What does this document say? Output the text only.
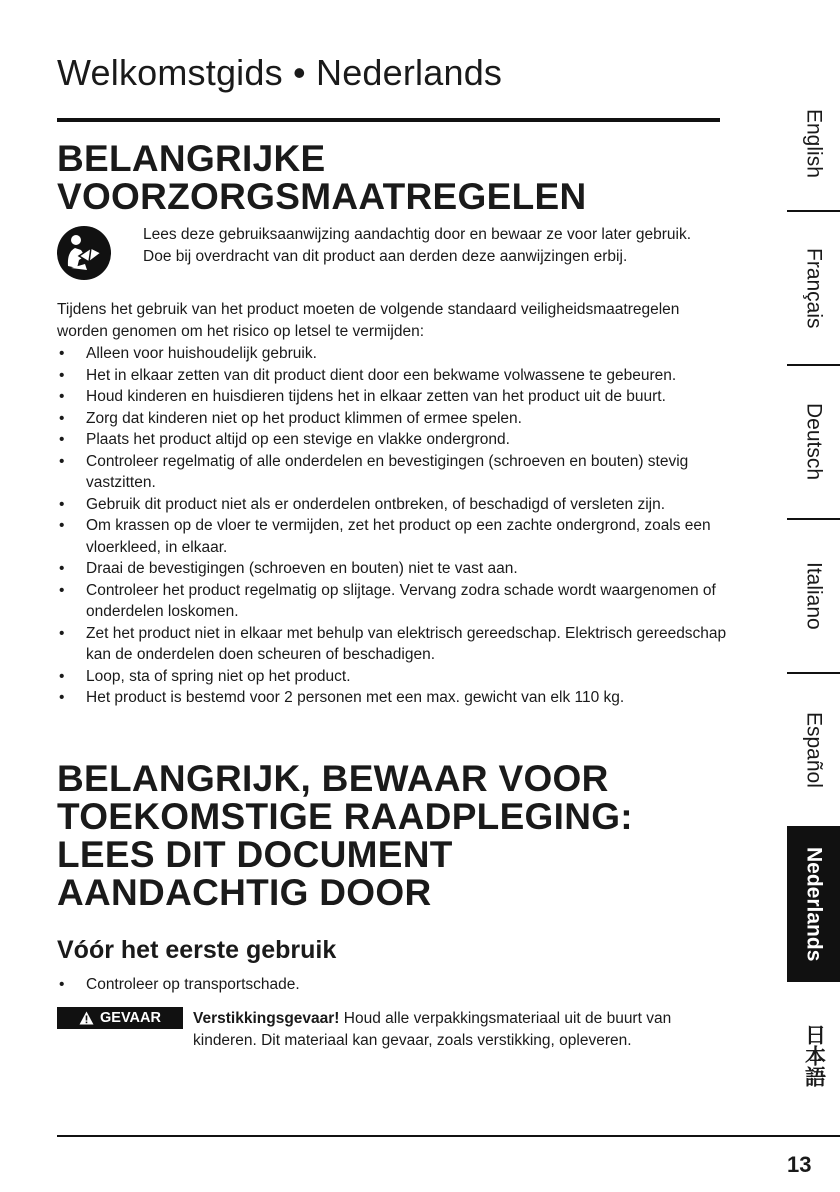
Welkomstgids • Nederlands
BELANGRIJKE
VOORZORGSMAATREGELEN
Lees deze gebruiksaanwijzing aandachtig door en bewaar ze voor later gebruik. Doe bij overdracht van dit product aan derden deze aanwijzingen erbij.
Tijdens het gebruik van het product moeten de volgende standaard veiligheidsmaatregelen worden genomen om het risico op letsel te vermijden:
• Alleen voor huishoudelijk gebruik.
• Het in elkaar zetten van dit product dient door een bekwame volwassene te gebeuren.
• Houd kinderen en huisdieren tijdens het in elkaar zetten van het product uit de buurt.
• Zorg dat kinderen niet op het product klimmen of ermee spelen.
• Plaats het product altijd op een stevige en vlakke ondergrond.
• Controleer regelmatig of alle onderdelen en bevestigingen (schroeven en bouten) stevig vastzitten.
• Gebruik dit product niet als er onderdelen ontbreken, of beschadigd of versleten zijn.
• Om krassen op de vloer te vermijden, zet het product op een zachte ondergrond, zoals een vloerkleed, in elkaar.
• Draai de bevestigingen (schroeven en bouten) niet te vast aan.
• Controleer het product regelmatig op slijtage. Vervang zodra schade wordt waargenomen of onderdelen loskomen.
• Zet het product niet in elkaar met behulp van elektrisch gereedschap. Elektrisch gereedschap kan de onderdelen doen scheuren of beschadigen.
• Loop, sta of spring niet op het product.
• Het product is bestemd voor 2 personen met een max. gewicht van elk 110 kg.
BELANGRIJK, BEWAAR VOOR
TOEKOMSTIGE RAADPLEGING:
LEES DIT DOCUMENT
AANDACHTIG DOOR
Vóór het eerste gebruik
• Controleer op transportschade.
GEVAAR Verstikkingsgevaar! Houd alle verpakkingsmateriaal uit de buurt van kinderen. Dit materiaal kan gevaar, zoals verstikking, opleveren.
English
Français
Deutsch
Italiano
Español
Nederlands
日本語
13
